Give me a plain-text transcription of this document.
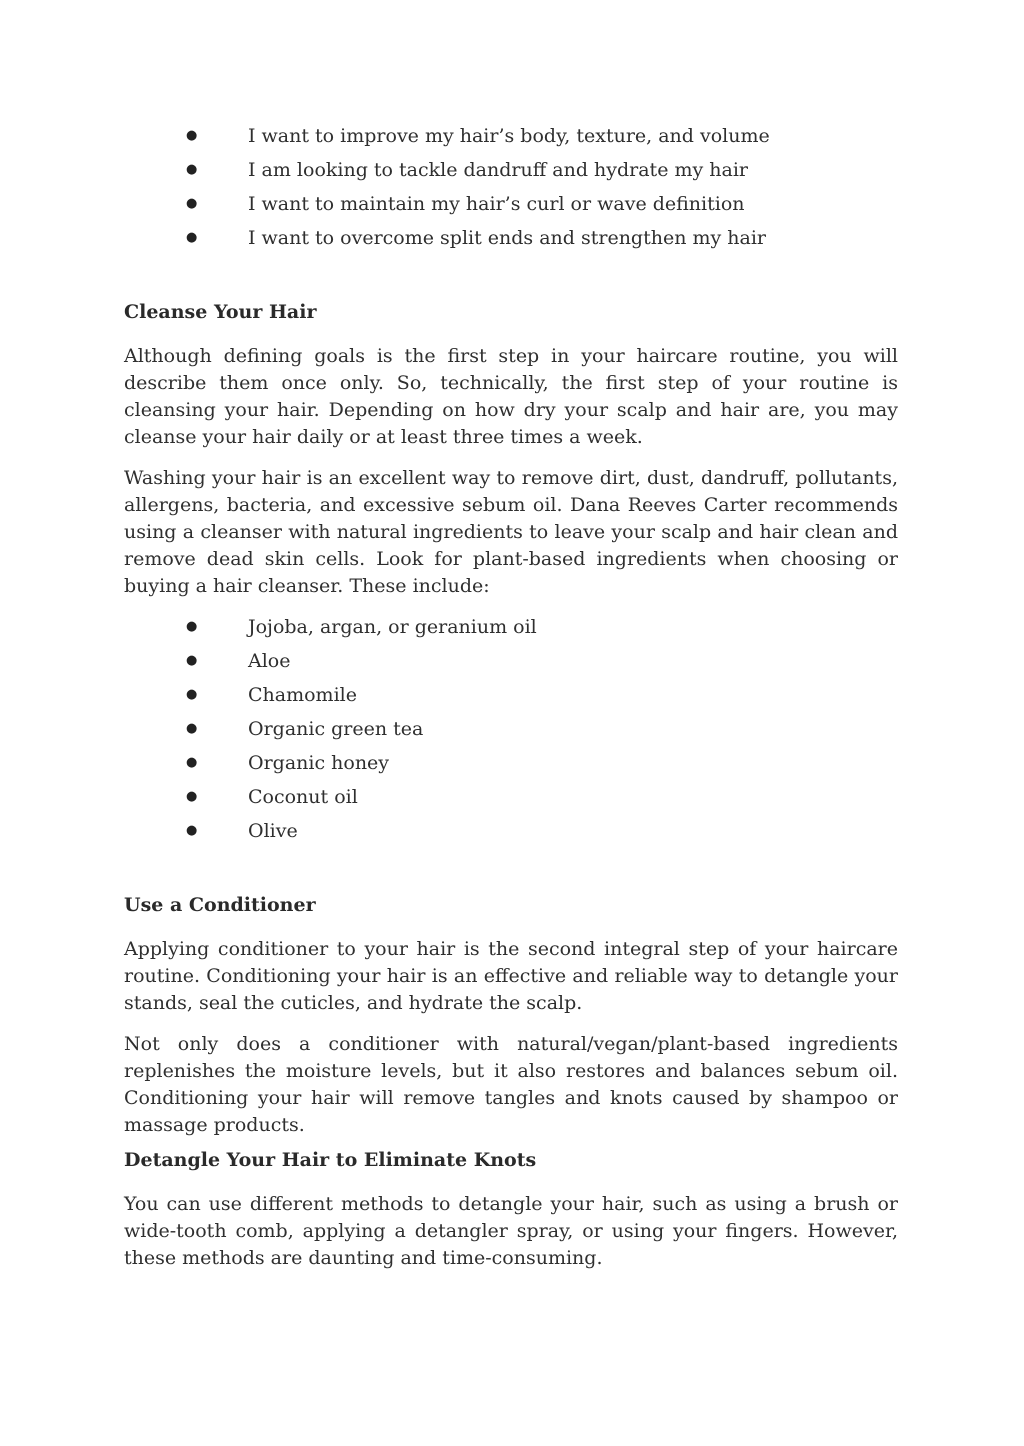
●	I want to improve my hair’s body, texture, and volume
●	I am looking to tackle dandruff and hydrate my hair
●	I want to maintain my hair’s curl or wave definition
●	I want to overcome split ends and strengthen my hair
Cleanse Your Hair

Although defining goals is the first step in your haircare routine, you will describe them once only. So, technically, the first step of your routine is cleansing your hair. Depending on how dry your scalp and hair are, you may cleanse your hair daily or at least three times a week.

Washing your hair is an excellent way to remove dirt, dust, dandruff, pollutants, allergens, bacteria, and excessive sebum oil. Dana Reeves Carter recommends using a cleanser with natural ingredients to leave your scalp and hair clean and remove dead skin cells. Look for plant-based ingredients when choosing or buying a hair cleanser. These include:

●	Jojoba, argan, or geranium oil
●	Aloe
●	Chamomile
●	Organic green tea
●	Organic honey
●	Coconut oil
●	Olive
Use a Conditioner

Applying conditioner to your hair is the second integral step of your haircare routine. Conditioning your hair is an effective and reliable way to detangle your stands, seal the cuticles, and hydrate the scalp.

Not only does a conditioner with natural/vegan/plant-based ingredients replenishes the moisture levels, but it also restores and balances sebum oil. Conditioning your hair will remove tangles and knots caused by shampoo or massage products.

Detangle Your Hair to Eliminate Knots

You can use different methods to detangle your hair, such as using a brush or wide-tooth comb, applying a detangler spray, or using your fingers. However, these methods are daunting and time-consuming.
